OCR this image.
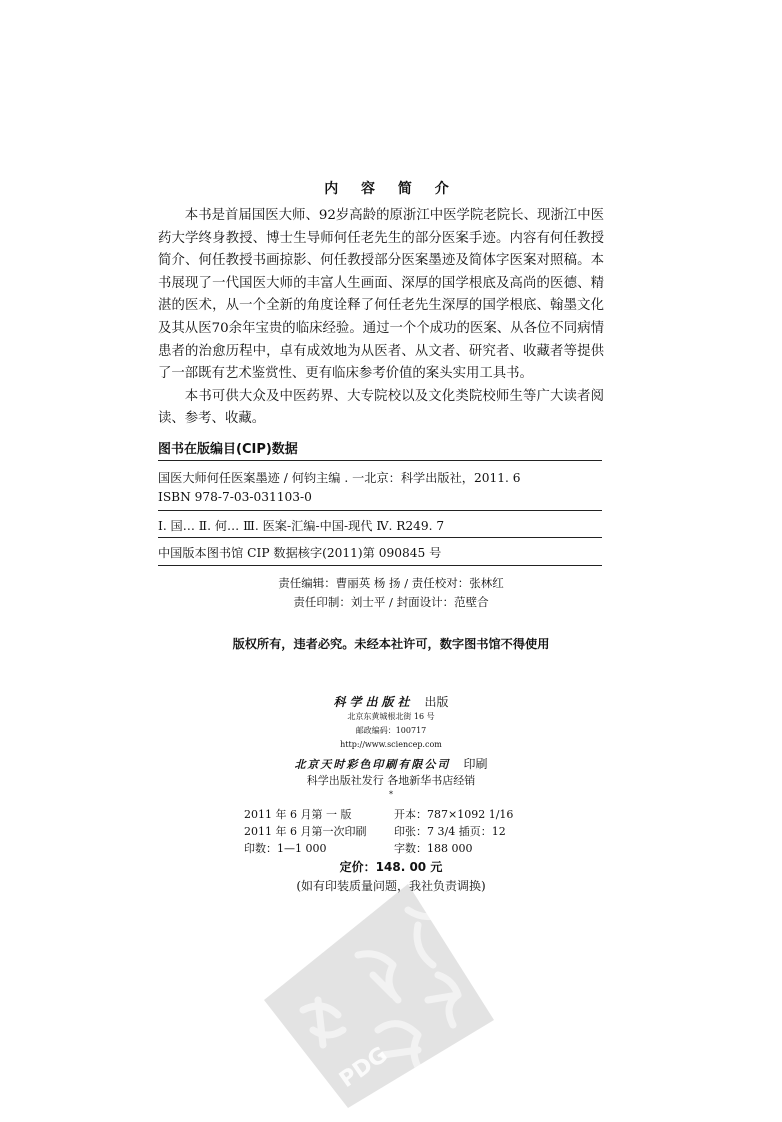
内 容 简 介

本书是首届国医大师、92岁高龄的原浙江中医学院老院长、现浙江中医药大学终身教授、博士生导师何任老先生的部分医案手迹。内容有何任教授简介、何任教授书画掠影、何任教授部分医案墨迹及简体字医案对照稿。本书展现了一代国医大师的丰富人生画面、深厚的国学根底及高尚的医德、精湛的医术，从一个全新的角度诠释了何任老先生深厚的国学根底、翰墨文化及其从医70余年宝贵的临床经验。通过一个个成功的医案、从各位不同病情患者的治愈历程中，卓有成效地为从医者、从文者、研究者、收藏者等提供了一部既有艺术鉴赏性、更有临床参考价值的案头实用工具书。

本书可供大众及中医药界、大专院校以及文化类院校师生等广大读者阅读、参考、收藏。

图书在版编目(CIP)数据
国医大师何任医案墨迹 / 何钧主编 . 一北京：科学出版社，2011. 6
ISBN 978-7-03-031103-0
Ⅰ. 国… Ⅱ. 何… Ⅲ. 医案-汇编-中国-现代 Ⅳ. R249. 7
中国版本图书馆 CIP 数据核字(2011)第 090845 号
责任编辑：曹丽英 杨 扬 / 责任校对：张林红
责任印制：刘士平 / 封面设计：范壁合
版权所有，违者必究。未经本社许可，数字图书馆不得使用
科学出版社 出版
北京东黄城根北街 16 号
邮政编码：100717
http://www.sciencep.com
北京天时彩色印刷有限公司 印刷
科学出版社发行 各地新华书店经销
*
2011 年 6 月第 一 版	开本：787×1092 1/16
2011 年 6 月第一次印刷	印张：7 3/4 插页：12
印数：1—1 000	字数：188 000
定价：148. 00 元
(如有印装质量问题，我社负责调换)
PDG
